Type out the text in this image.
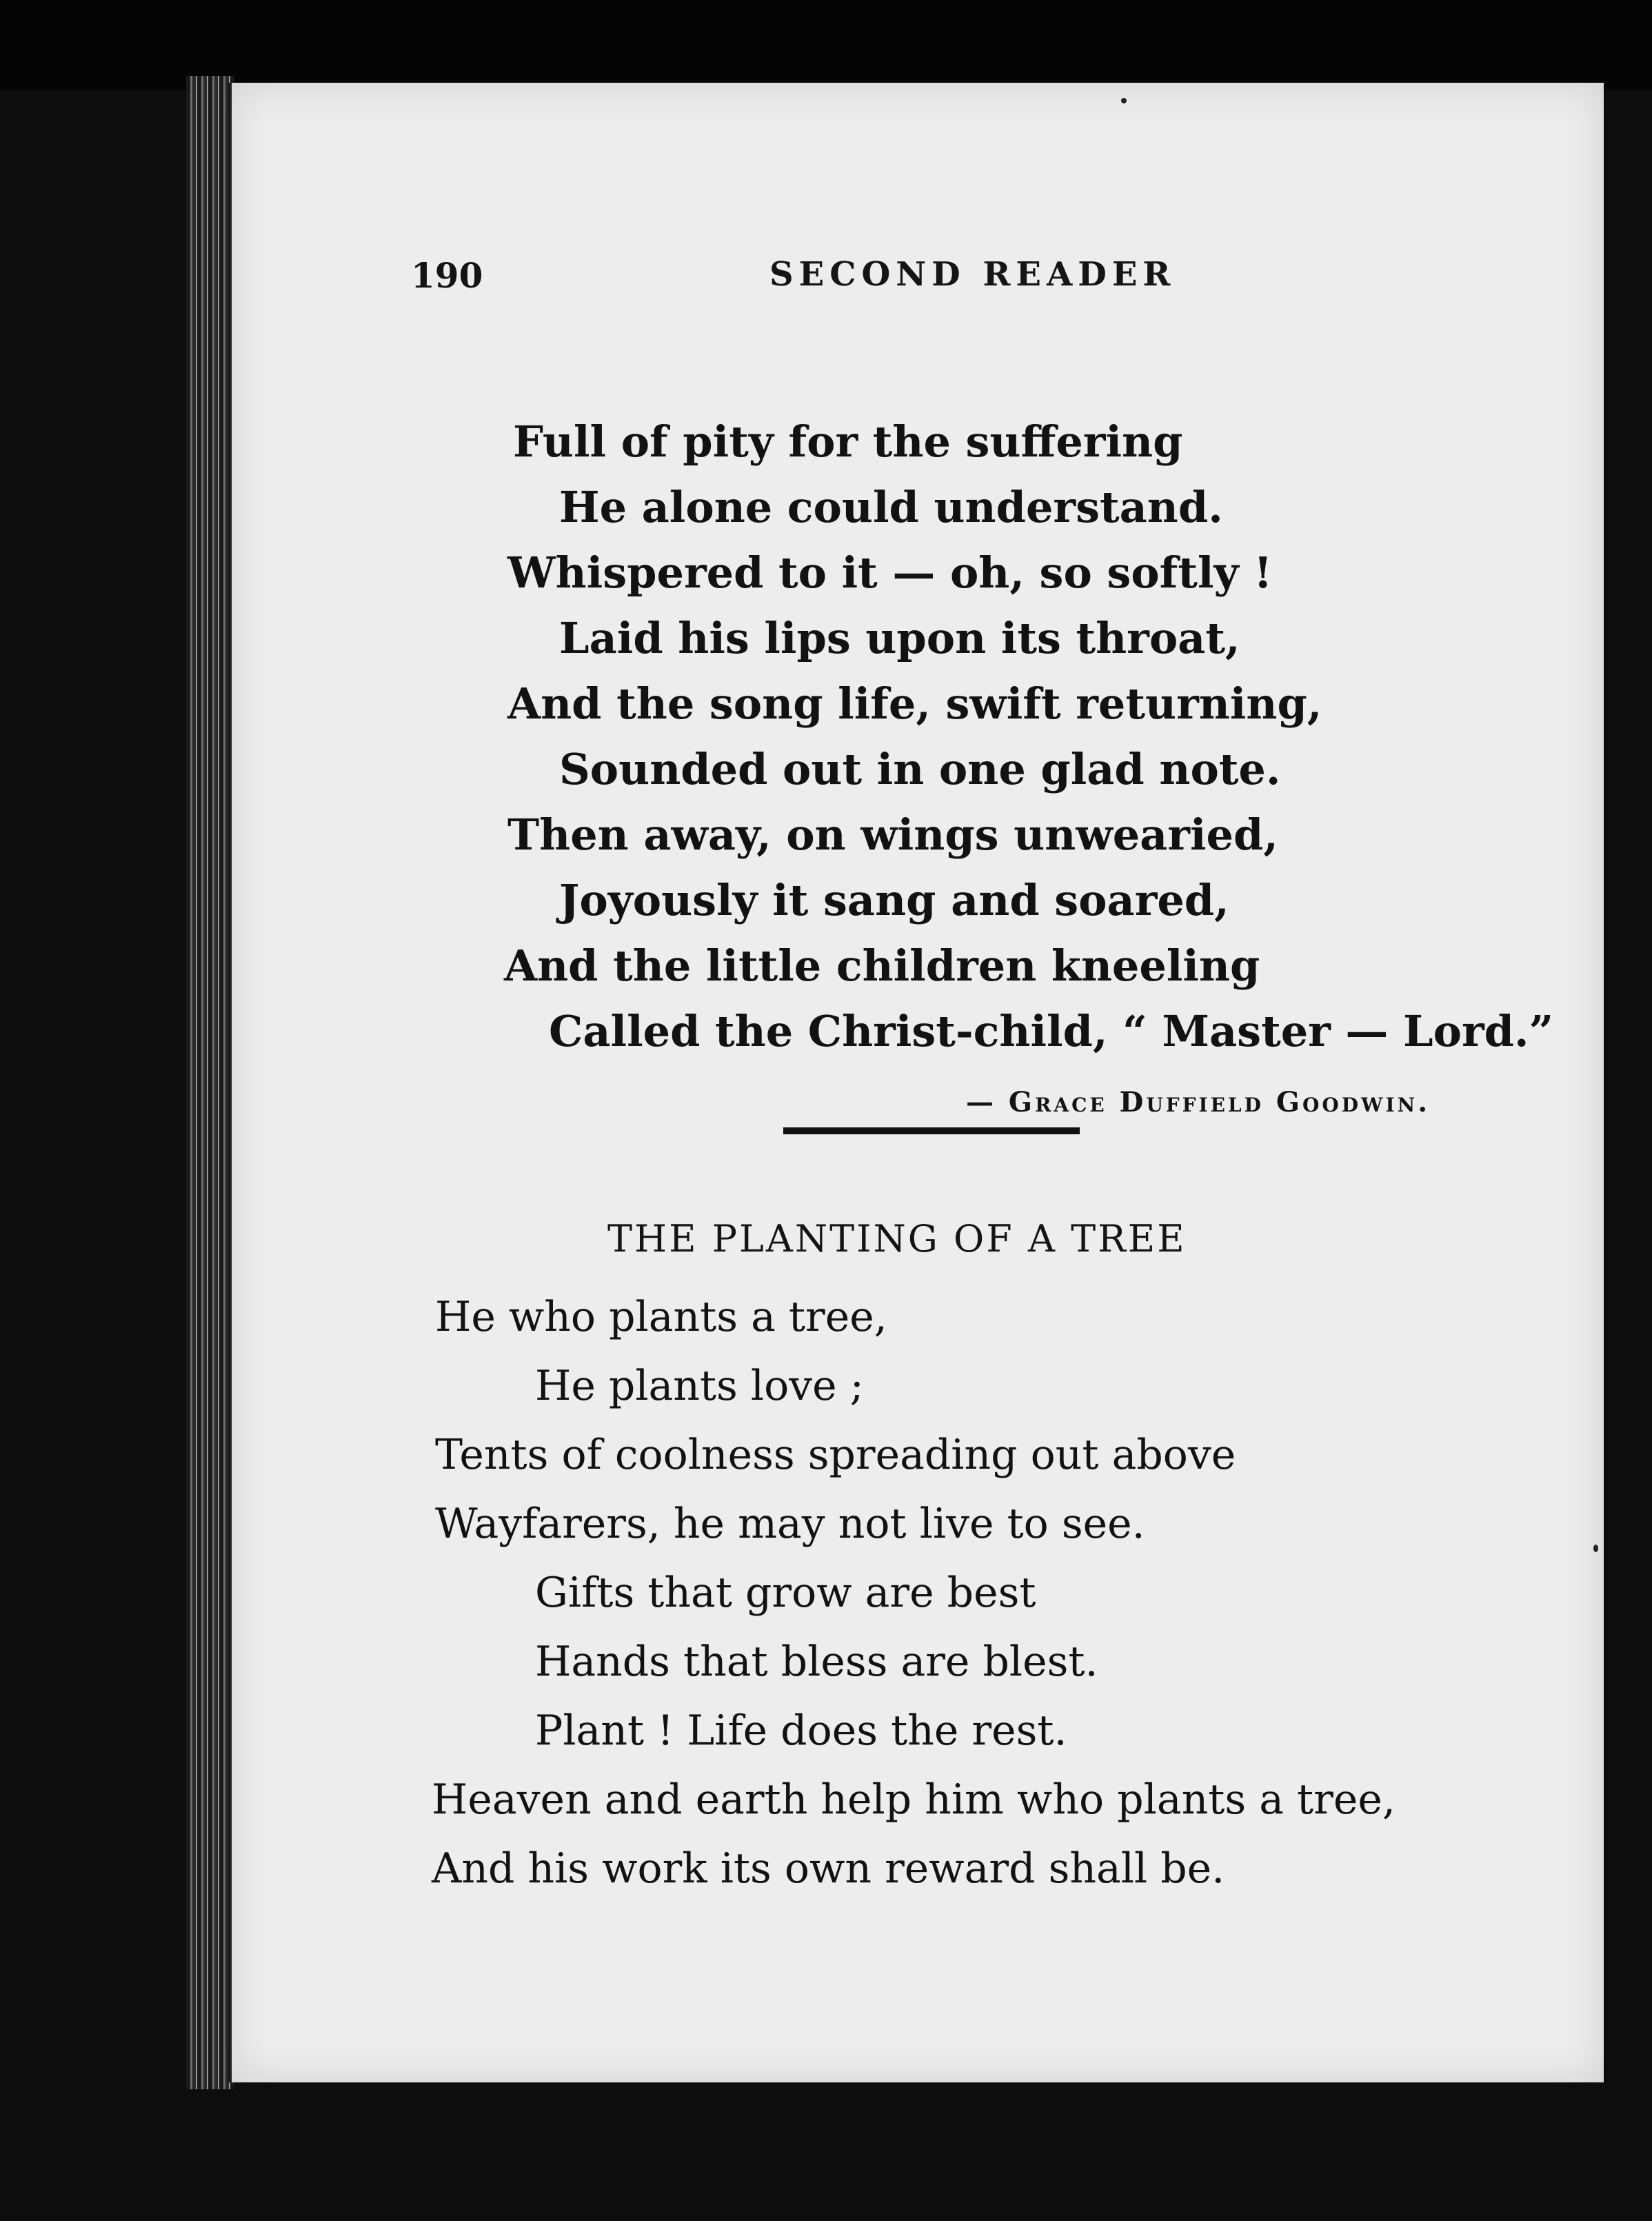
190	SECOND READER
Full of pity for the suffering
He alone could understand.
Whispered to it — oh, so softly !
Laid his lips upon its throat,
And the song life, swift returning,
Sounded out in one glad note.
Then away, on wings unwearied,
Joyously it sang and soared,
And the little children kneeling
Called the Christ-child, “ Master — Lord.”
— Grace Duffield Goodwin.
THE PLANTING OF A TREE
He who plants a tree,
He plants love ;
Tents of coolness spreading out above
Wayfarers, he may not live to see.
Gifts that grow are best
Hands that bless are blest.
Plant ! Life does the rest.
Heaven and earth help him who plants a tree,
And his work its own reward shall be.
